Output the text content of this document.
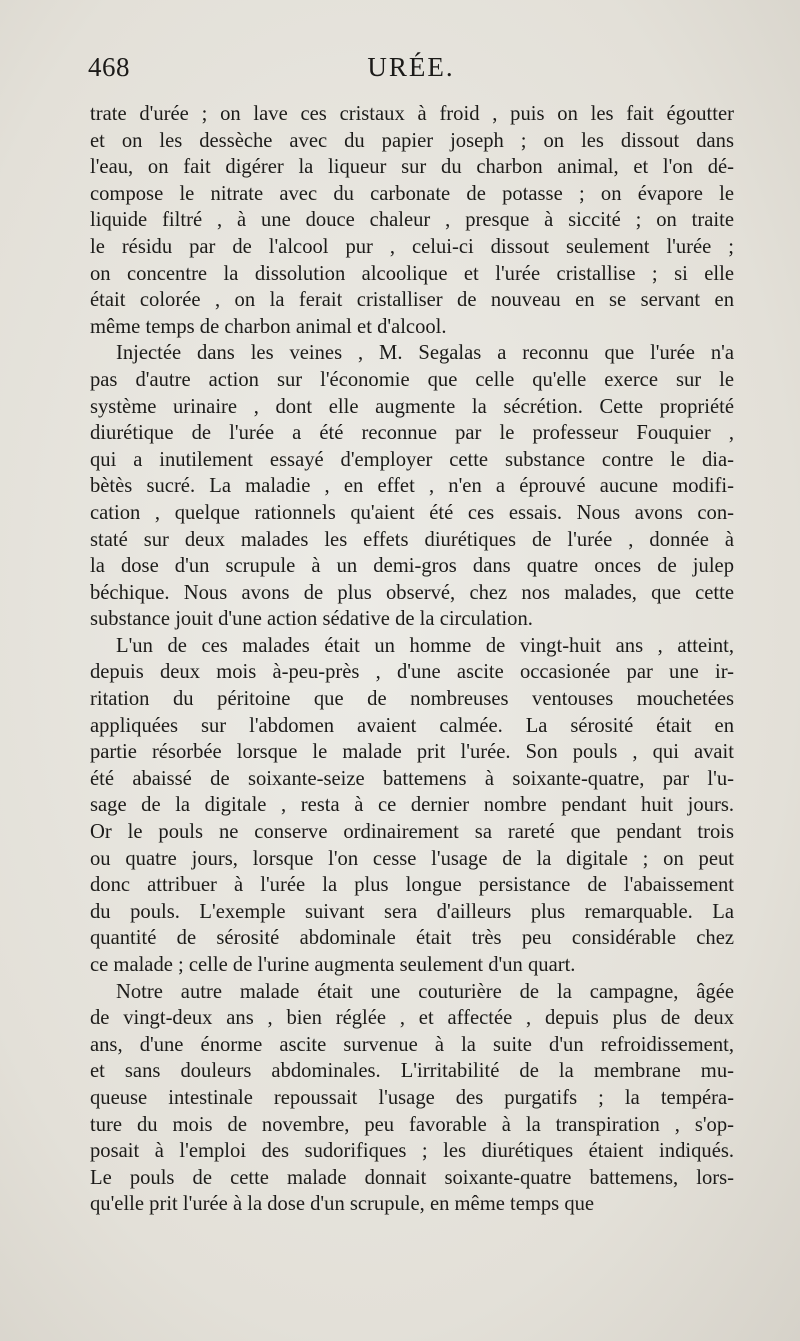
468	URÉE.
trate d'urée ; on lave ces cristaux à froid , puis on les fait égoutter
et on les dessèche avec du papier joseph ; on les dissout dans
l'eau, on fait digérer la liqueur sur du charbon animal, et l'on dé-
compose le nitrate avec du carbonate de potasse ; on évapore le
liquide filtré , à une douce chaleur , presque à siccité ; on traite
le résidu par de l'alcool pur , celui-ci dissout seulement l'urée ;
on concentre la dissolution alcoolique et l'urée cristallise ; si elle
était colorée , on la ferait cristalliser de nouveau en se servant en
même temps de charbon animal et d'alcool.
Injectée dans les veines , M. Segalas a reconnu que l'urée n'a
pas d'autre action sur l'économie que celle qu'elle exerce sur le
système urinaire , dont elle augmente la sécrétion. Cette propriété
diurétique de l'urée a été reconnue par le professeur Fouquier ,
qui a inutilement essayé d'employer cette substance contre le dia-
bètès sucré. La maladie , en effet , n'en a éprouvé aucune modifi-
cation , quelque rationnels qu'aient été ces essais. Nous avons con-
staté sur deux malades les effets diurétiques de l'urée , donnée à
la dose d'un scrupule à un demi-gros dans quatre onces de julep
béchique. Nous avons de plus observé, chez nos malades, que cette
substance jouit d'une action sédative de la circulation.
L'un de ces malades était un homme de vingt-huit ans , atteint,
depuis deux mois à-peu-près , d'une ascite occasionée par une ir-
ritation du péritoine que de nombreuses ventouses mouchetées
appliquées sur l'abdomen avaient calmée. La sérosité était en
partie résorbée lorsque le malade prit l'urée. Son pouls , qui avait
été abaissé de soixante-seize battemens à soixante-quatre, par l'u-
sage de la digitale , resta à ce dernier nombre pendant huit jours.
Or le pouls ne conserve ordinairement sa rareté que pendant trois
ou quatre jours, lorsque l'on cesse l'usage de la digitale ; on peut
donc attribuer à l'urée la plus longue persistance de l'abaissement
du pouls. L'exemple suivant sera d'ailleurs plus remarquable. La
quantité de sérosité abdominale était très peu considérable chez
ce malade ; celle de l'urine augmenta seulement d'un quart.
Notre autre malade était une couturière de la campagne, âgée
de vingt-deux ans , bien réglée , et affectée , depuis plus de deux
ans, d'une énorme ascite survenue à la suite d'un refroidissement,
et sans douleurs abdominales. L'irritabilité de la membrane mu-
queuse intestinale repoussait l'usage des purgatifs ; la tempéra-
ture du mois de novembre, peu favorable à la transpiration , s'op-
posait à l'emploi des sudorifiques ; les diurétiques étaient indiqués.
Le pouls de cette malade donnait soixante-quatre battemens, lors-
qu'elle prit l'urée à la dose d'un scrupule, en même temps que
